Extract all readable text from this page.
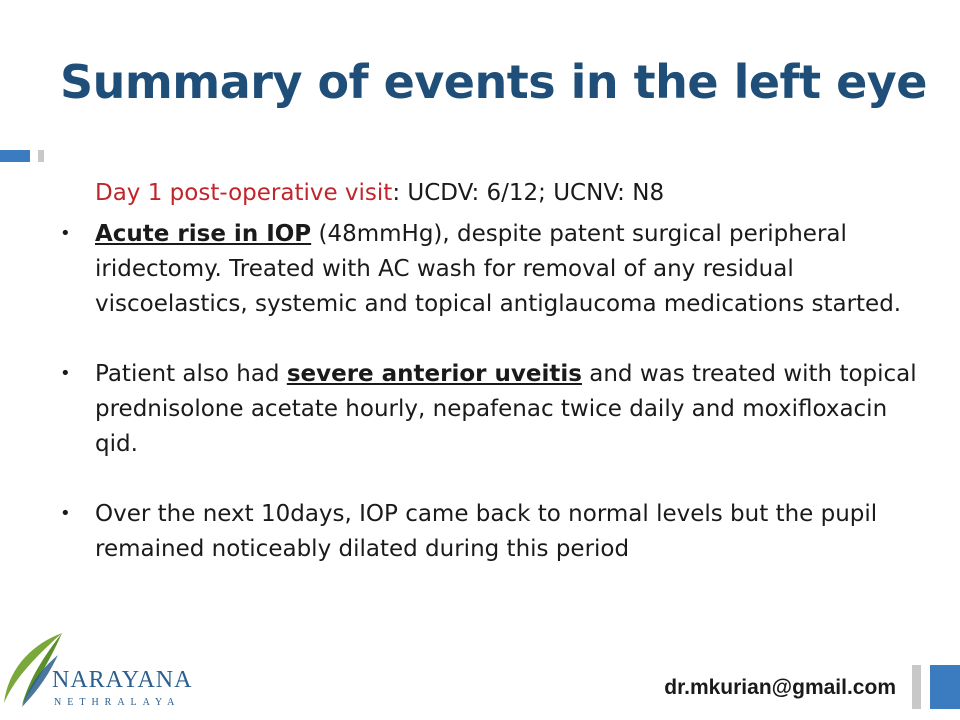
Summary of events in the left eye
Day 1 post-operative visit: UCDV: 6/12; UCNV: N8
• Acute rise in IOP (48mmHg), despite patent surgical peripheral iridectomy. Treated with AC wash for removal of any residual viscoelastics, systemic and topical antiglaucoma medications started.
• Patient also had severe anterior uveitis and was treated with topical prednisolone acetate hourly, nepafenac twice daily and moxifloxacin qid.
• Over the next 10days, IOP came back to normal levels but the pupil remained noticeably dilated during this period
NARAYANA
NETHRALAYA
dr.mkurian@gmail.com
